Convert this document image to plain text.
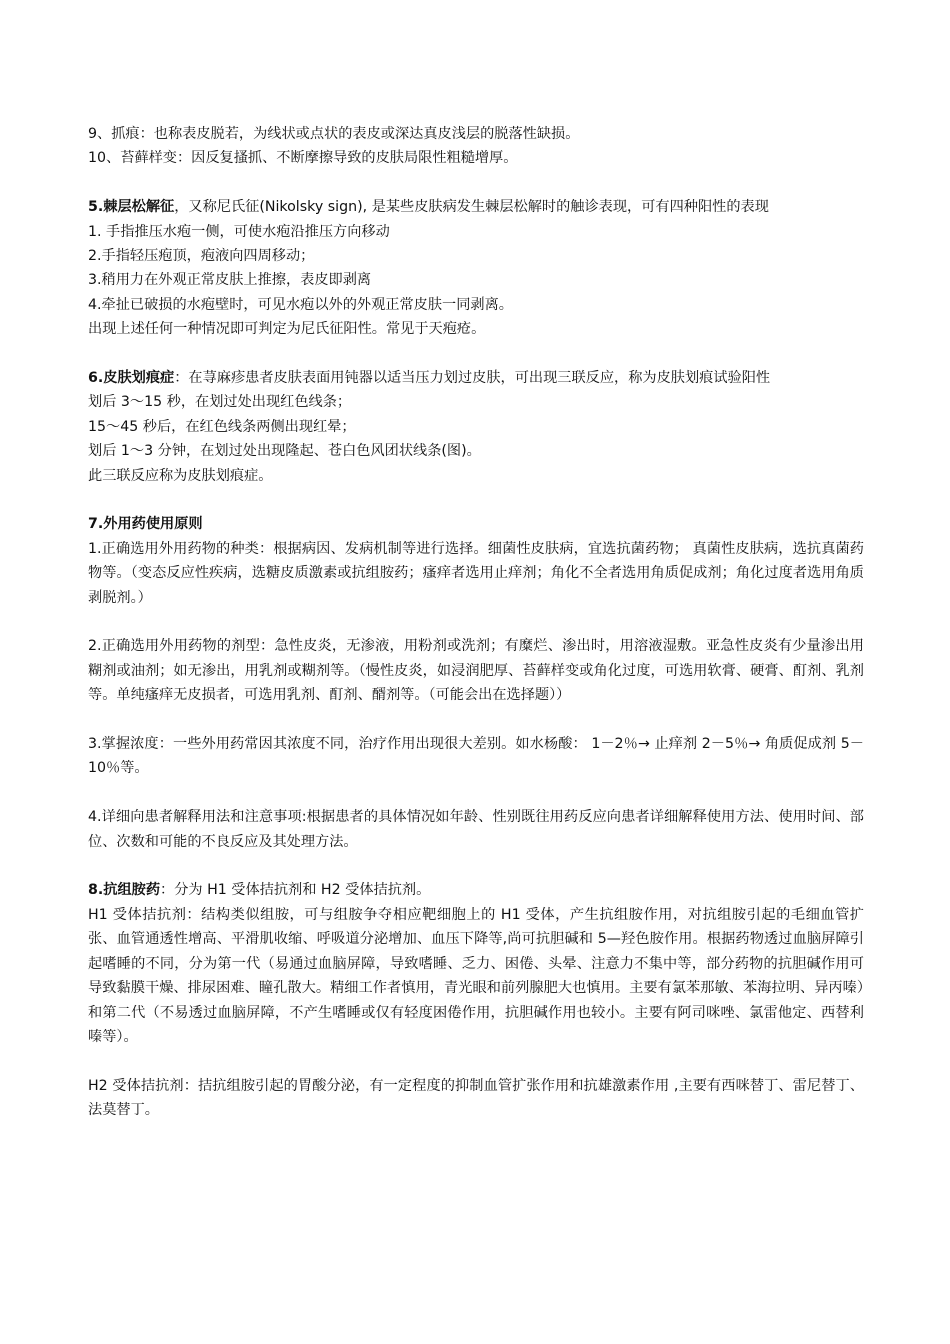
9、抓痕：也称表皮脱若，为线状或点状的表皮或深达真皮浅层的脱落性缺损。
10、苔藓样变：因反复搔抓、不断摩擦导致的皮肤局限性粗糙增厚。
5.棘层松解征，又称尼氏征(Nikolsky sign), 是某些皮肤病发生棘层松解时的触诊表现，可有四种阳性的表现
1. 手指推压水疱一侧，可使水疱沿推压方向移动
2.手指轻压疱顶，疱液向四周移动；
3.稍用力在外观正常皮肤上推擦，表皮即剥离
4.牵扯已破损的水疱壁时，可见水疱以外的外观正常皮肤一同剥离。
出现上述任何一种情况即可判定为尼氏征阳性。常见于天疱疮。
6.皮肤划痕症：在荨麻疹患者皮肤表面用钝器以适当压力划过皮肤，可出现三联反应，称为皮肤划痕试验阳性
划后 3～15 秒，在划过处出现红色线条；
15～45 秒后，在红色线条两侧出现红晕；
划后 1～3 分钟，在划过处出现隆起、苍白色风团状线条(图)。
此三联反应称为皮肤划痕症。
7.外用药使用原则
1.正确选用外用药物的种类：根据病因、发病机制等进行选择。细菌性皮肤病，宜选抗菌药物； 真菌性皮肤病，选抗真菌药物等。（变态反应性疾病，选糖皮质激素或抗组胺药；瘙痒者选用止痒剂；角化不全者选用角质促成剂；角化过度者选用角质剥脱剂。）
2.正确选用外用药物的剂型：急性皮炎，无渗液，用粉剂或洗剂；有糜烂、渗出时，用溶液湿敷。亚急性皮炎有少量渗出用糊剂或油剂；如无渗出，用乳剂或糊剂等。（慢性皮炎，如浸润肥厚、苔藓样变或角化过度，可选用软膏、硬膏、酊剂、乳剂等。单纯瘙痒无皮损者，可选用乳剂、酊剂、醑剂等。（可能会出在选择题））
3.掌握浓度：一些外用药常因其浓度不同，治疗作用出现很大差别。如水杨酸： 1－2％→ 止痒剂 2－5％→ 角质促成剂 5－10％等。
4.详细向患者解释用法和注意事项:根据患者的具体情况如年龄、性别既往用药反应向患者详细解释使用方法、使用时间、部位、次数和可能的不良反应及其处理方法。
8.抗组胺药：分为 H1 受体拮抗剂和 H2 受体拮抗剂。
H1 受体拮抗剂：结构类似组胺，可与组胺争夺相应靶细胞上的 H1 受体，产生抗组胺作用，对抗组胺引起的毛细血管扩张、血管通透性增高、平滑肌收缩、呼吸道分泌增加、血压下降等,尚可抗胆碱和 5—羟色胺作用。根据药物透过血脑屏障引起嗜睡的不同，分为第一代（易通过血脑屏障，导致嗜睡、乏力、困倦、头晕、注意力不集中等，部分药物的抗胆碱作用可导致黏膜干燥、排尿困难、瞳孔散大。精细工作者慎用，青光眼和前列腺肥大也慎用。主要有氯苯那敏、苯海拉明、异丙嗪）和第二代（不易透过血脑屏障，不产生嗜睡或仅有轻度困倦作用，抗胆碱作用也较小。主要有阿司咪唑、氯雷他定、西替利嗪等）。
H2 受体拮抗剂：拮抗组胺引起的胃酸分泌，有一定程度的抑制血管扩张作用和抗雄激素作用 ,主要有西咪替丁、雷尼替丁、法莫替丁。
